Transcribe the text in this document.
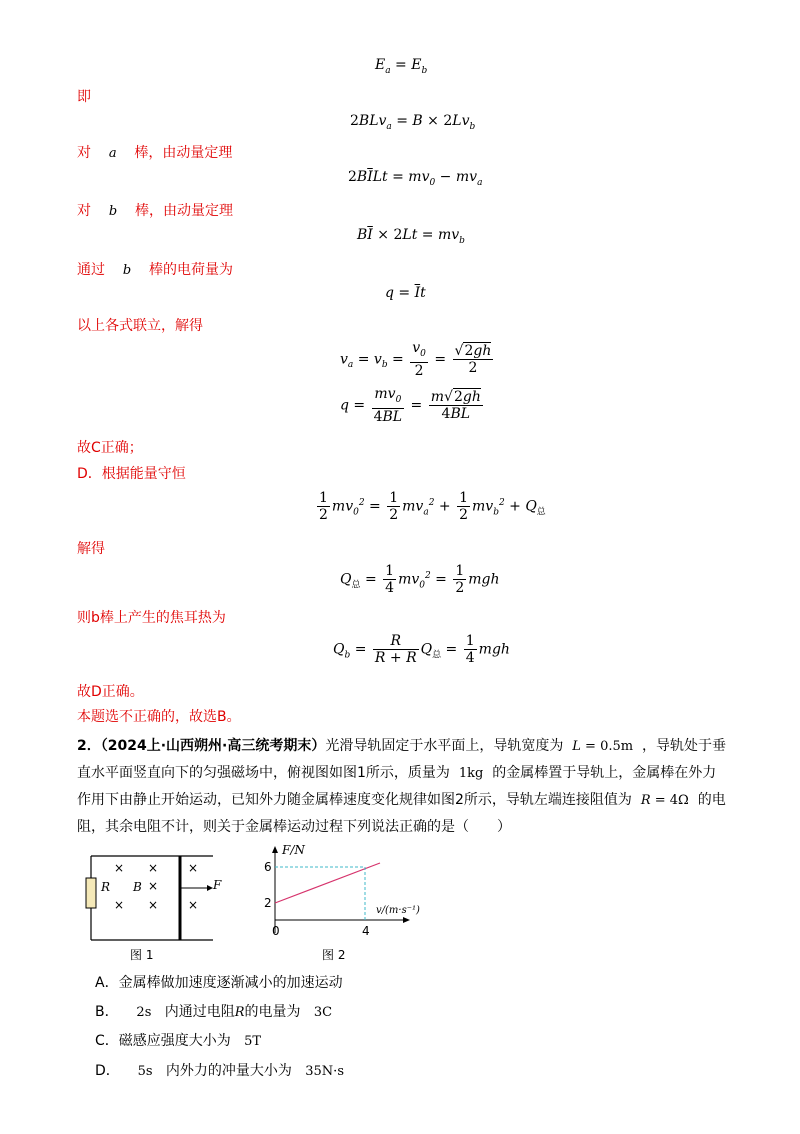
$E_a = E_b$
即
$2BLv_a = B \times 2Lv_b$
对 a 棒，由动量定理
$2B\overline{I}Lt = mv_0 - mv_a$
对 b 棒，由动量定理
$B\overline{I} \times 2Lt = mv_b$
通过 b 棒的电荷量为
$q = \overline{I}t$
以上各式联立，解得
$v_a = v_b = \frac{v_0}{2} = \frac{√2gh}{2}$
$q = \frac{mv_0}{4BL} = \frac{m√2gh}{4BL}$
故C正确；
D．根据能量守恒
$\frac{1}{2} mv_0^2 = \frac{1}{2} mv_a^2 + \frac{1}{2} mv_b^2 + Q_总$
解得
$Q_总 = \frac{1}{4} mv_0^2 = \frac{1}{2}$ mgh
则b棒上产生的焦耳热为
$Q_b = \frac{R}{R + R} Q_总 = \frac{1}{4}$ mgh
故D正确。
本题选不正确的，故选B。
2．（2024上·山西朔州·高三统考期末）光滑导轨固定于水平面上，导轨宽度为 L = 0.5m ，导轨处于垂直水平面竖直向下的匀强磁场中，俯视图如图1所示，质量为 1kg 的金属棒置于导轨上，金属棒在外力作用下由静止开始运动，已知外力随金属棒速度变化规律如图2所示，导轨左端连接阻值为 R = 4Ω 的电阻，其余电阻不计，则关于金属棒运动过程下列说法正确的是（　　）
R B	F
× × ×
×
× × ×
图 1
F/N
6
2
0	4
v/(m·s⁻¹)
图 2
A．金属棒做加速度逐渐减小的加速运动
B． 2s 内通过电阻R的电量为 3C
C．磁感应强度大小为 5T
D． 5s 内外力的冲量大小为 35N·s
